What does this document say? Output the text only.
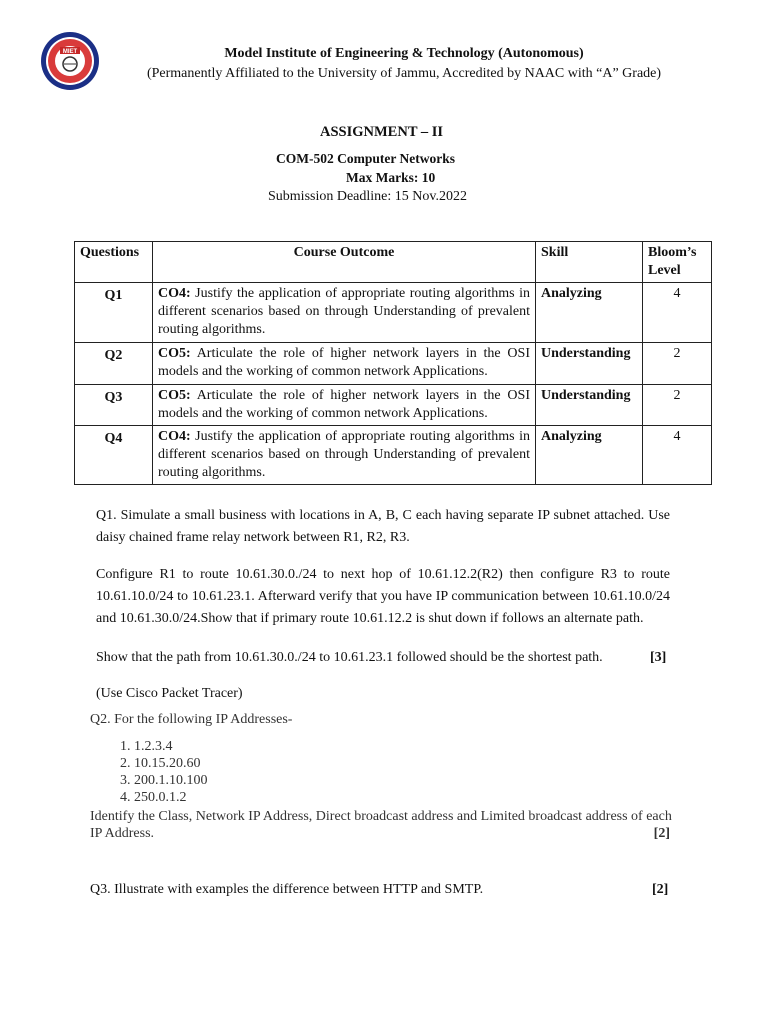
MIET	Model Institute of Engineering & Technology (Autonomous)
(Permanently Affiliated to the University of Jammu, Accredited by NAAC with “A” Grade)
ASSIGNMENT – II
COM-502 Computer Networks
Max Marks: 10
Submission Deadline: 15 Nov.2022
Questions	Course Outcome	Skill	Bloom’s Level
Q1	CO4: Justify the application of appropriate routing algorithms in different scenarios based on through Understanding of prevalent routing algorithms.	Analyzing	4
Q2	CO5: Articulate the role of higher network layers in the OSI models and the working of common network Applications.	Understanding	2
Q3	CO5: Articulate the role of higher network layers in the OSI models and the working of common network Applications.	Understanding	2
Q4	CO4: Justify the application of appropriate routing algorithms in different scenarios based on through Understanding of prevalent routing algorithms.	Analyzing	4
Q1. Simulate a small business with locations in A, B, C each having separate IP subnet attached. Use daisy chained frame relay network between R1, R2, R3.
Configure R1 to route 10.61.30.0./24 to next hop of 10.61.12.2(R2) then configure R3 to route 10.61.10.0/24 to 10.61.23.1. Afterward verify that you have IP communication between 10.61.10.0/24 and 10.61.30.0/24.Show that if primary route 10.61.12.2 is shut down if follows an alternate path.
Show that the path from 10.61.30.0./24 to 10.61.23.1 followed should be the shortest path.	[3]
(Use Cisco Packet Tracer)
Q2. For the following IP Addresses-
1. 1.2.3.4
2. 10.15.20.60
3. 200.1.10.100
4. 250.0.1.2
Identify the Class, Network IP Address, Direct broadcast address and Limited broadcast address of each IP Address.	[2]
Q3. Illustrate with examples the difference between HTTP and SMTP.	[2]
